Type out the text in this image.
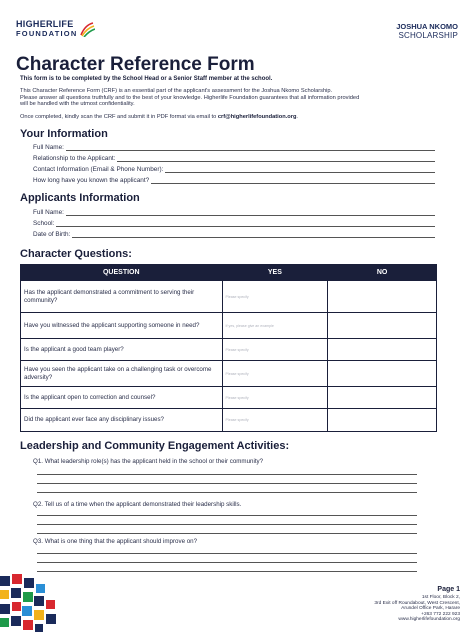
HIGHERLIFE
FOUNDATION
JOSHUA NKOMO
SCHOLARSHIP
Character Reference Form
This form is to be completed by the School Head or a Senior Staff member at the school.
This Character Reference Form (CRF) is an essential part of the applicant's assessment for the Joshua Nkomo Scholarship.
Please answer all questions truthfully and to the best of your knowledge. Higherlife Foundation guarantees that all information provided
will be handled with the utmost confidentiality.
Once completed, kindly scan the CRF and submit it in PDF format via email to crf@higherlifefoundation.org.
Your Information
Full Name:
Relationship to the Applicant:
Contact Information (Email & Phone Number):
How long have you known the applicant?
Applicants Information
Full Name:
School:
Date of Birth:
Character Questions:
QUESTION	YES	NO
Has the applicant demonstrated a commitment to serving their community?	Please specify	
Have you witnessed the applicant supporting someone in need?	If yes, please give an example	
Is the applicant a good team player?	Please specify	
Have you seen the applicant take on a challenging task or overcome adversity?	Please specify	
Is the applicant open to correction and counsel?	Please specify	
Did the applicant ever face any disciplinary issues?	Please specify	
Leadership and Community Engagement Activities:
Q1. What leadership role(s) has the applicant held in the school or their community?
Q2. Tell us of a time when the applicant demonstrated their leadership skills.
Q3. What is one thing that the applicant should improve on?
Page 1
1st Floor, Block 2,
3rd Exit off Roundabout, West Crescent,
Arundel Office Park, Harare
+263 772 222 923
www.higherlifefoundation.org
